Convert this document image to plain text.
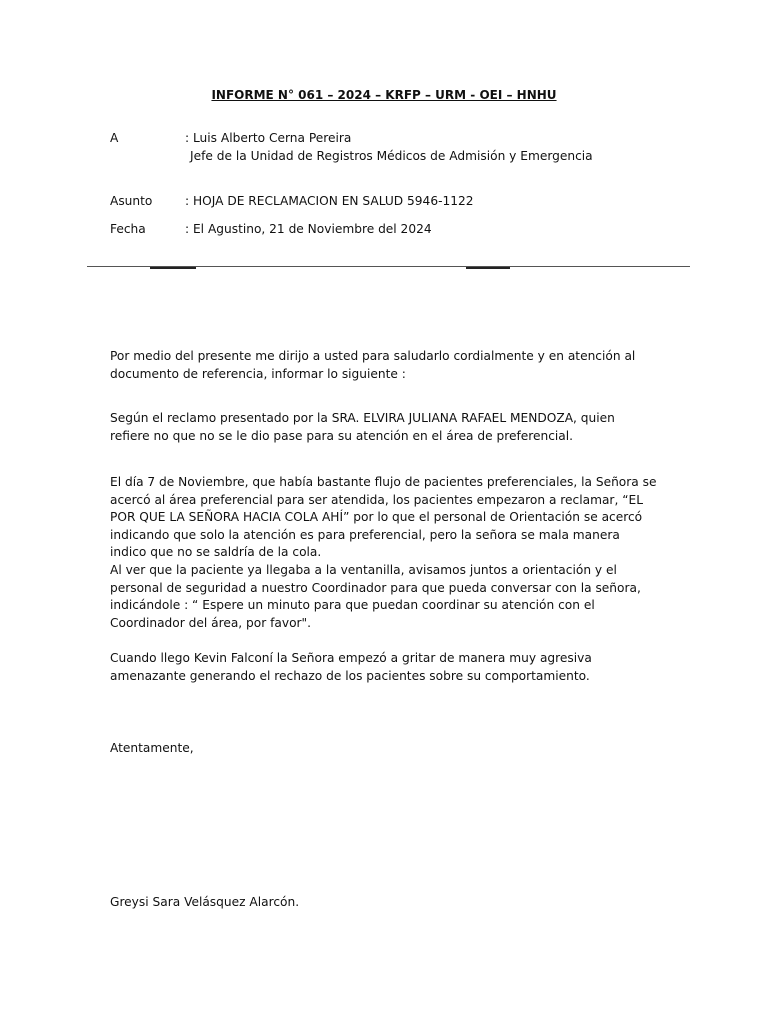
INFORME N° 061 – 2024 – KRFP – URM - OEI – HNHU
A	: Luis Alberto Cerna Pereira
Jefe de la Unidad de Registros Médicos de Admisión y Emergencia
Asunto	: HOJA DE RECLAMACION EN SALUD 5946-1122
Fecha	: El Agustino, 21 de Noviembre del 2024

Por medio del presente me dirijo a usted para saludarlo cordialmente y en atención al documento de referencia, informar lo siguiente :

Según el reclamo presentado por la SRA. ELVIRA JULIANA RAFAEL MENDOZA, quien refiere no que no se le dio pase para su atención en el área de preferencial.

El día 7 de Noviembre, que había bastante flujo de pacientes preferenciales, la Señora se acercó al área preferencial para ser atendida, los pacientes empezaron a reclamar, “EL POR QUE LA SEÑORA HACIA COLA AHÍ” por lo que el personal de Orientación se acercó indicando que solo la atención es para preferencial, pero la señora se mala manera indico que no se saldría de la cola.

Al ver que la paciente ya llegaba a la ventanilla, avisamos juntos a orientación y el personal de seguridad a nuestro Coordinador para que pueda conversar con la señora, indicándole : “ Espere un minuto para que puedan coordinar su atención con el Coordinador del área, por favor".

Cuando llego Kevin Falconí la Señora empezó a gritar de manera muy agresiva amenazante generando el rechazo de los pacientes sobre su comportamiento.

Atentamente,

Greysi Sara Velásquez Alarcón.
